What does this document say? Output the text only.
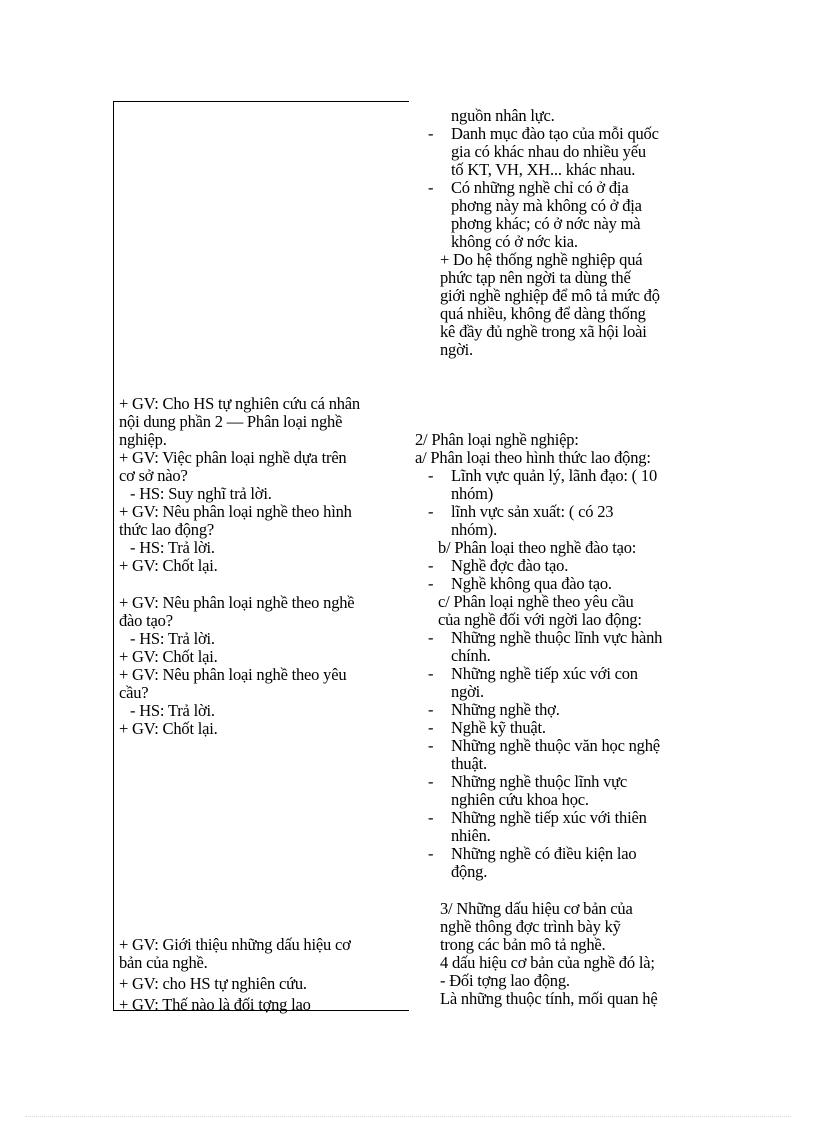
+ GV: Cho HS tự nghiên cứu cá nhân
nội dung phần 2 — Phân loại nghề
nghiệp.
+ GV: Việc phân loại nghề dựa trên
cơ sở nào?
- HS: Suy nghĩ trả lời.
+ GV: Nêu phân loại nghề theo hình
thức lao động?
- HS: Trả lời.
+ GV: Chốt lại.
+ GV: Nêu phân loại nghề theo nghề
đào tạo?
- HS: Trả lời.
+ GV: Chốt lại.
+ GV: Nêu phân loại nghề theo yêu
cầu?
- HS: Trả lời.
+ GV: Chốt lại.
+ GV: Giới thiệu những dấu hiệu cơ
bản của nghề.
+ GV: cho HS tự nghiên cứu.
+ GV: Thế nào là đối tợng lao
-
-
-
-
-
-
-
-
-
-
-
-
-
-
nguồn nhân lực.
Danh mục đào tạo của mỗi quốc
gia có khác nhau do nhiều yếu
tố KT, VH, XH... khác nhau.
Có những nghề chỉ có ở địa
phơng này mà không có ở địa
phơng khác; có ở nớc này mà
không có ở nớc kia.
+ Do hệ thống nghề nghiệp quá
phức tạp nên ngời ta dùng thế
giới nghề nghiệp để mô tả mức độ
quá nhiều, không để dàng thống
kê đầy đủ nghề trong xã hội loài
ngời.
2/ Phân loại nghề nghiệp:
a/ Phân loại theo hình thức lao động:
Lĩnh vực quản lý, lãnh đạo: ( 10
nhóm)
lĩnh vực sản xuất: ( có 23
nhóm).
b/ Phân loại theo nghề đào tạo:
Nghề đợc đào tạo.
Nghề không qua đào tạo.
c/ Phân loại nghề theo yêu cầu
của nghề đối với ngời lao động:
Những nghề thuộc lĩnh vực hành
chính.
Những nghề tiếp xúc với con
ngời.
Những nghề thợ.
Nghề kỹ thuật.
Những nghề thuộc văn học nghệ
thuật.
Những nghề thuộc lĩnh vực
nghiên cứu khoa học.
Những nghề tiếp xúc với thiên
nhiên.
Những nghề có điều kiện lao
động.
3/ Những dấu hiệu cơ bản của
nghề thông đợc trình bày kỹ
trong các bản mô tả nghề.
4 dấu hiệu cơ bản của nghề đó là;
- Đối tợng lao động.
Là những thuộc tính, mối quan hệ
